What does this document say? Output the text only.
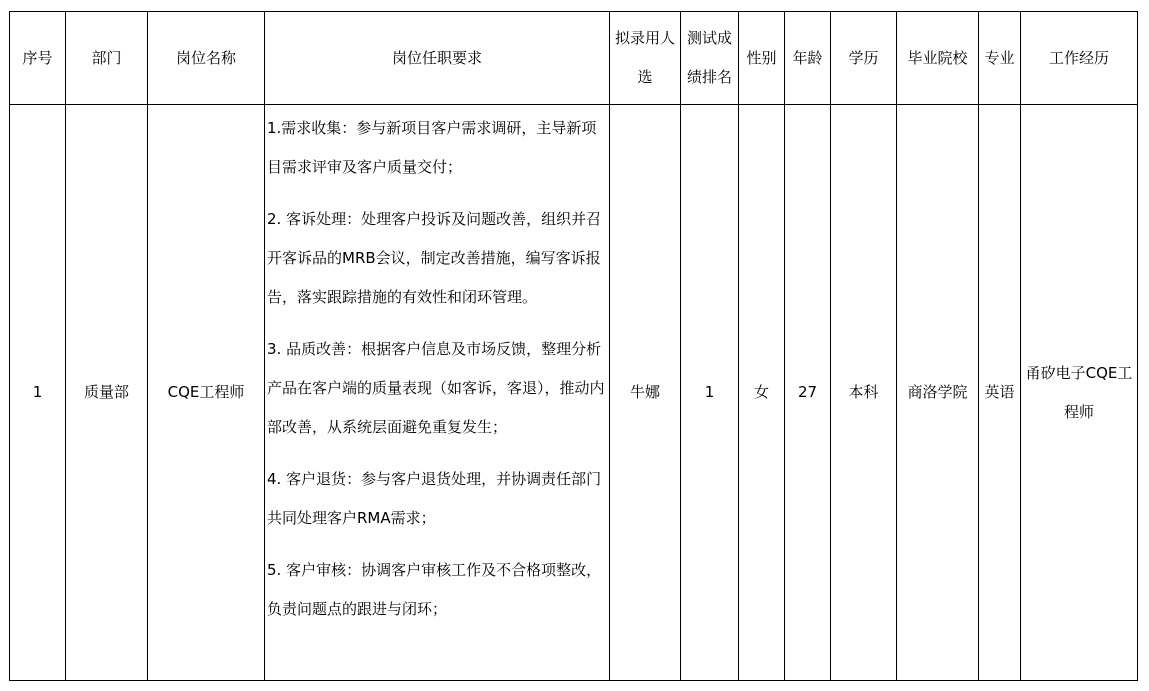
序号	部门	岗位名称	岗位任职要求	拟录用人选	测试成绩排名	性别	年龄	学历	毕业院校	专业	工作经历
1	质量部	CQE工程师	1.需求收集：参与新项目客户需求调研，主导新项目需求评审及客户质量交付；
2. 客诉处理：处理客户投诉及问题改善，组织并召开客诉品的MRB会议，制定改善措施，编写客诉报告，落实跟踪措施的有效性和闭环管理。
3. 品质改善：根据客户信息及市场反馈，整理分析产品在客户端的质量表现（如客诉，客退），推动内部改善，从系统层面避免重复发生；
4. 客户退货：参与客户退货处理，并协调责任部门共同处理客户RMA需求；
5. 客户审核：协调客户审核工作及不合格项整改，负责问题点的跟进与闭环；	牛娜	1	女	27	本科	商洛学院	英语	甬矽电子CQE工程师
